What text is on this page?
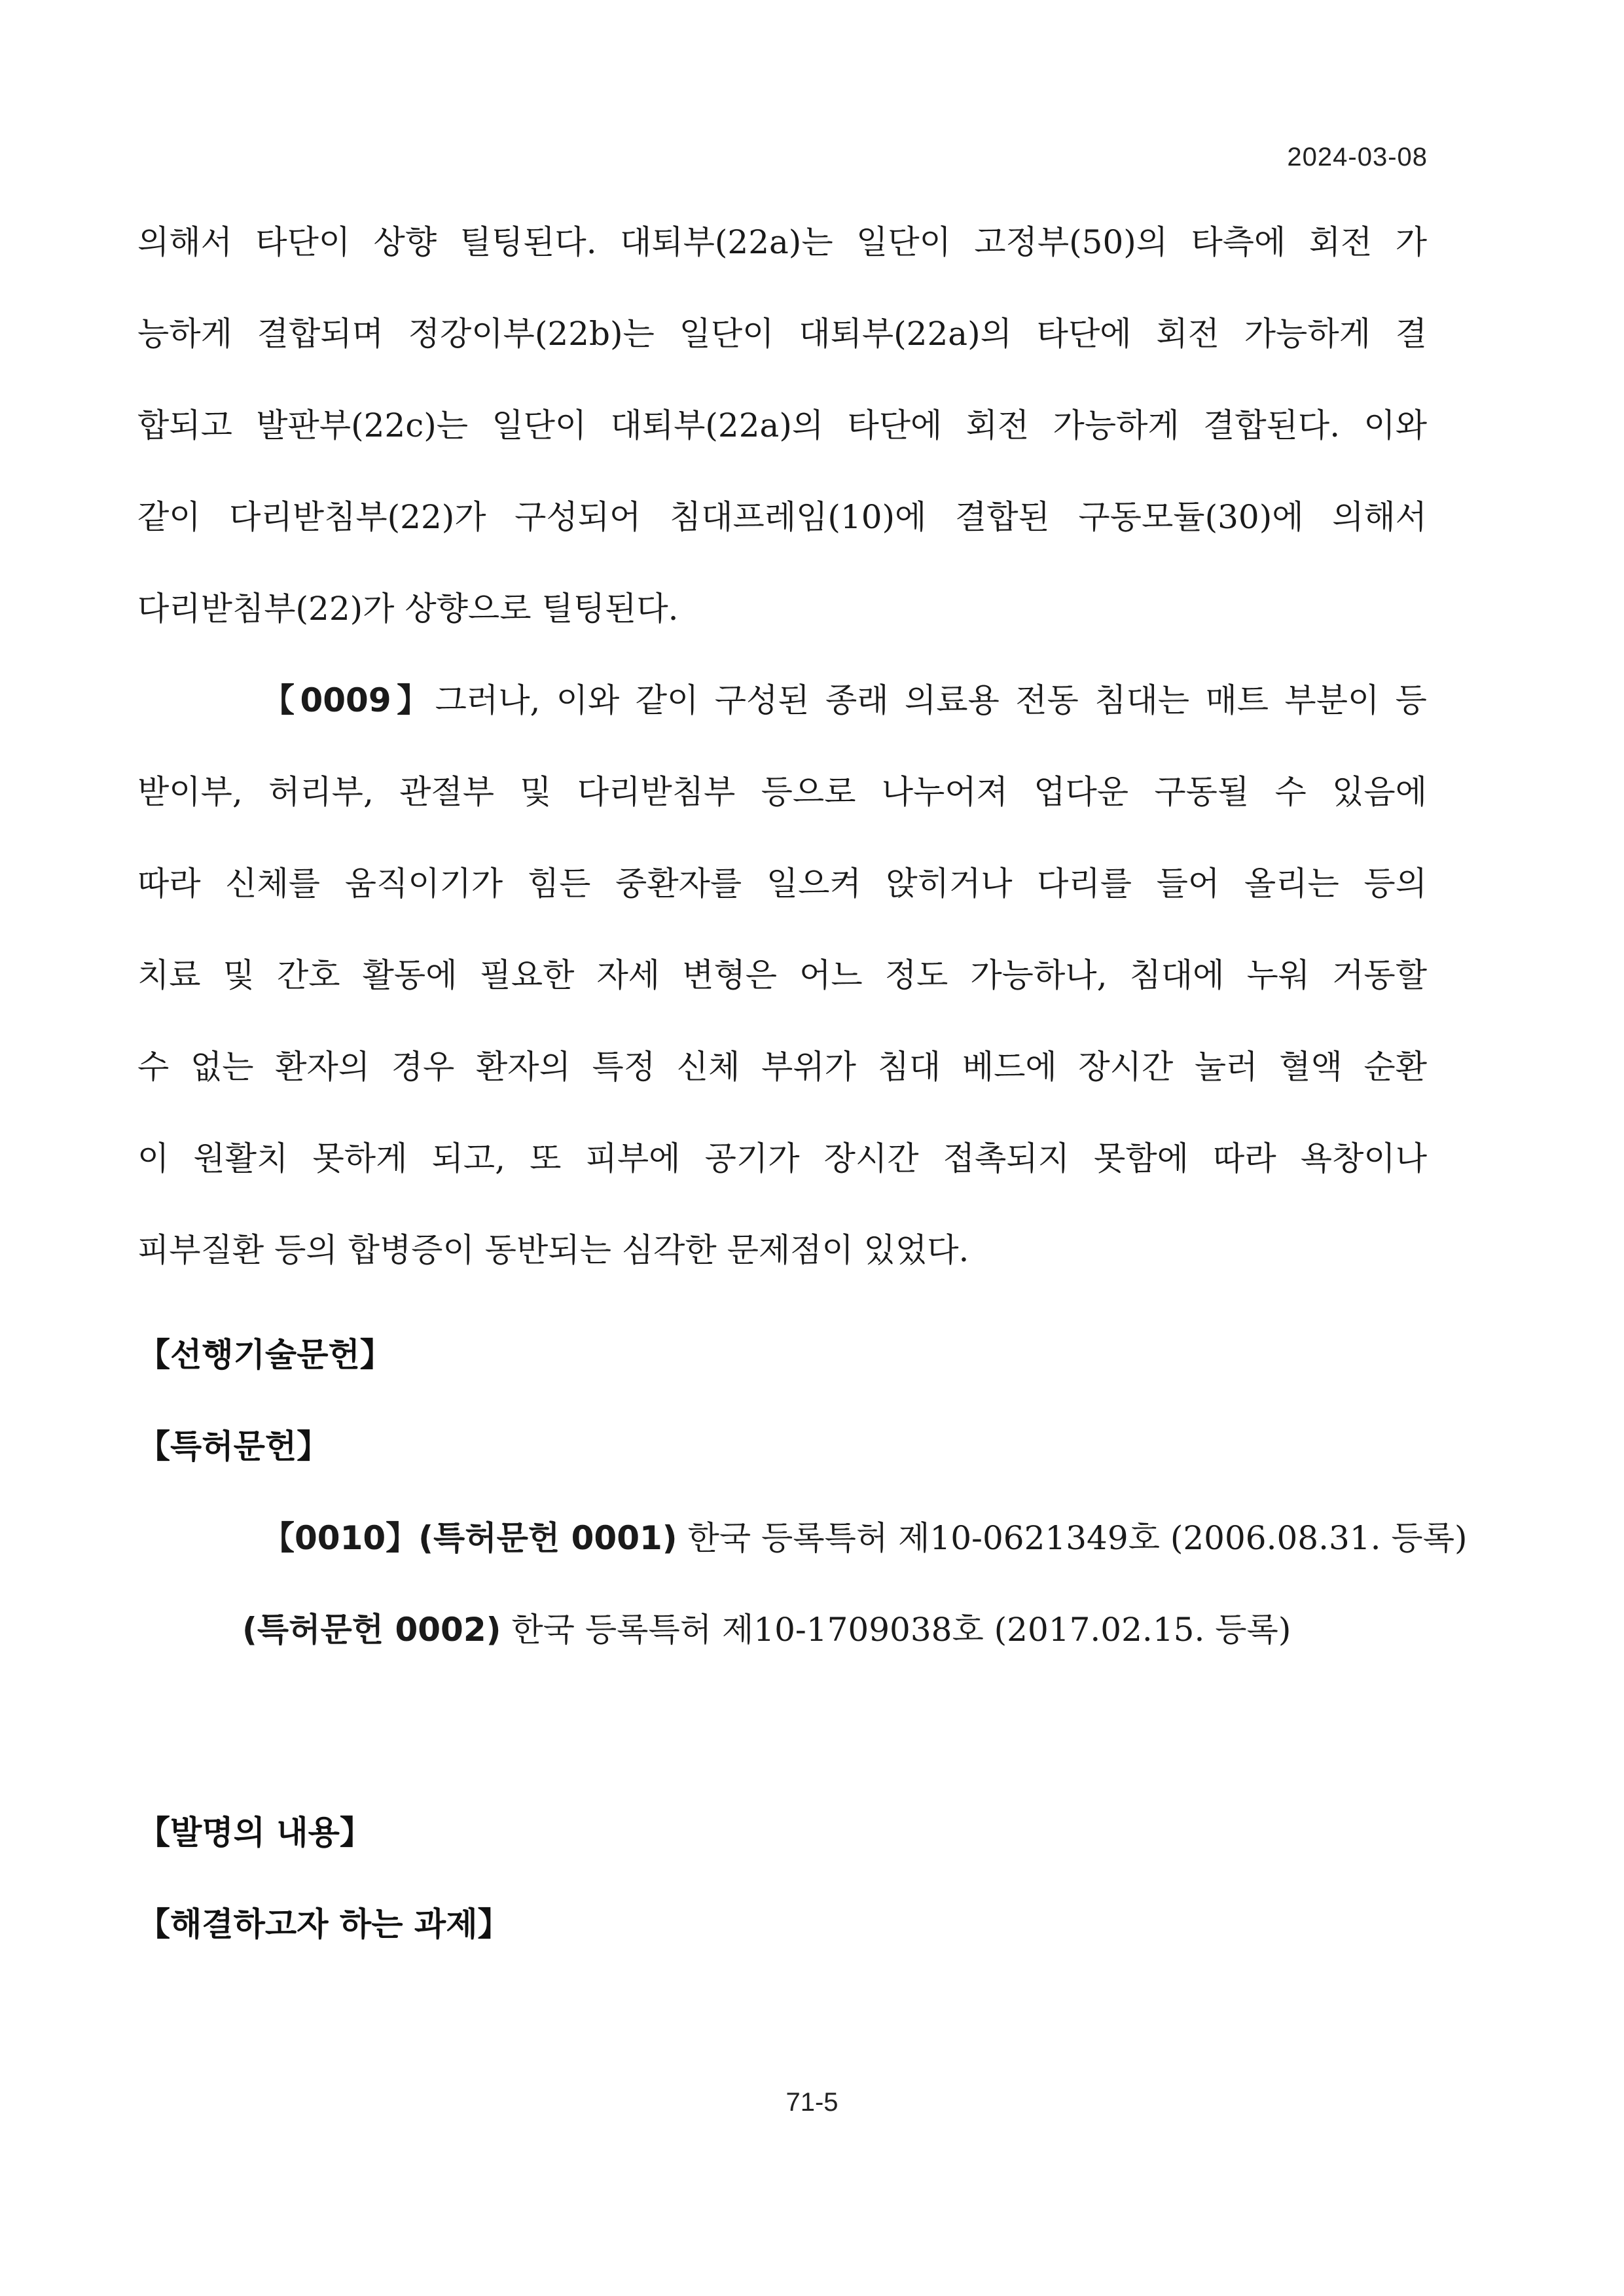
2024-03-08
의해서 타단이 상향 틸팅된다. 대퇴부(22a)는 일단이 고정부(50)의 타측에 회전 가
능하게 결합되며 정강이부(22b)는 일단이 대퇴부(22a)의 타단에 회전 가능하게 결
합되고 발판부(22c)는 일단이 대퇴부(22a)의 타단에 회전 가능하게 결합된다. 이와
같이 다리받침부(22)가 구성되어 침대프레임(10)에 결합된 구동모듈(30)에 의해서
다리받침부(22)가 상향으로 틸팅된다.
【0009】그러나, 이와 같이 구성된 종래 의료용 전동 침대는 매트 부분이 등
받이부, 허리부, 관절부 및 다리받침부 등으로 나누어져 업다운 구동될 수 있음에
따라 신체를 움직이기가 힘든 중환자를 일으켜 앉히거나 다리를 들어 올리는 등의
치료 및 간호 활동에 필요한 자세 변형은 어느 정도 가능하나, 침대에 누워 거동할
수 없는 환자의 경우 환자의 특정 신체 부위가 침대 베드에 장시간 눌러 혈액 순환
이 원활치 못하게 되고, 또 피부에 공기가 장시간 접촉되지 못함에 따라 욕창이나
피부질환 등의 합병증이 동반되는 심각한 문제점이 있었다.
【선행기술문헌】
【특허문헌】
【0010】(특허문헌 0001) 한국 등록특허 제10-0621349호 (2006.08.31. 등록)
(특허문헌 0002) 한국 등록특허 제10-1709038호 (2017.02.15. 등록)
【발명의 내용】
【해결하고자 하는 과제】
71-5
